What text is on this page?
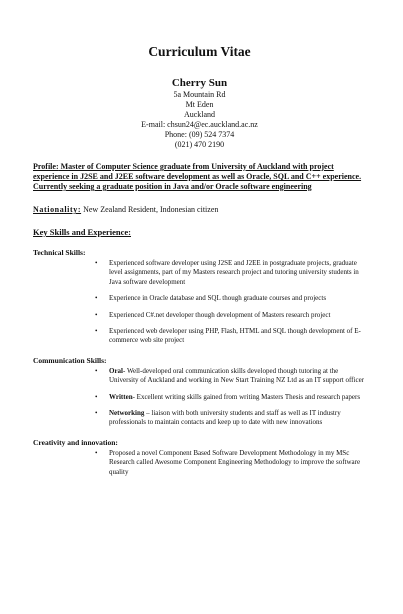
Curriculum Vitae
Cherry Sun

5a Mountain Rd

Mt Eden

Auckland

E-mail: chsun24@ec.auckland.ac.nz

Phone: (09) 524 7374

(021) 470 2190

Profile: Master of Computer Science graduate from University of Auckland with project experience in J2SE and J2EE software development as well as Oracle, SQL and C++ experience. Currently seeking a graduate position in Java and/or Oracle software engineering

Nationality: New Zealand Resident, Indonesian citizen

Key Skills and Experience:
Technical Skills:
• Experienced software developer using J2SE and J2EE in postgraduate projects, graduate level assignments, part of my Masters research project and tutoring university students in Java software development
• Experience in Oracle database and SQL though graduate courses and projects
• Experienced C#.net developer though development of Masters research project
• Experienced web developer using PHP, Flash, HTML and SQL though development of E-commerce web site project
Communication Skills:
• Oral- Well-developed oral communication skills developed though tutoring at the University of Auckland and working in New Start Training NZ Ltd as an IT support officer
• Written- Excellent writing skills gained from writing Masters Thesis and research papers
• Networking – liaison with both university students and staff as well as IT industry professionals to maintain contacts and keep up to date with new innovations
Creativity and innovation:
• Proposed a novel Component Based Software Development Methodology in my MSc Research called Awesome Component Engineering Methodology to improve the software quality
